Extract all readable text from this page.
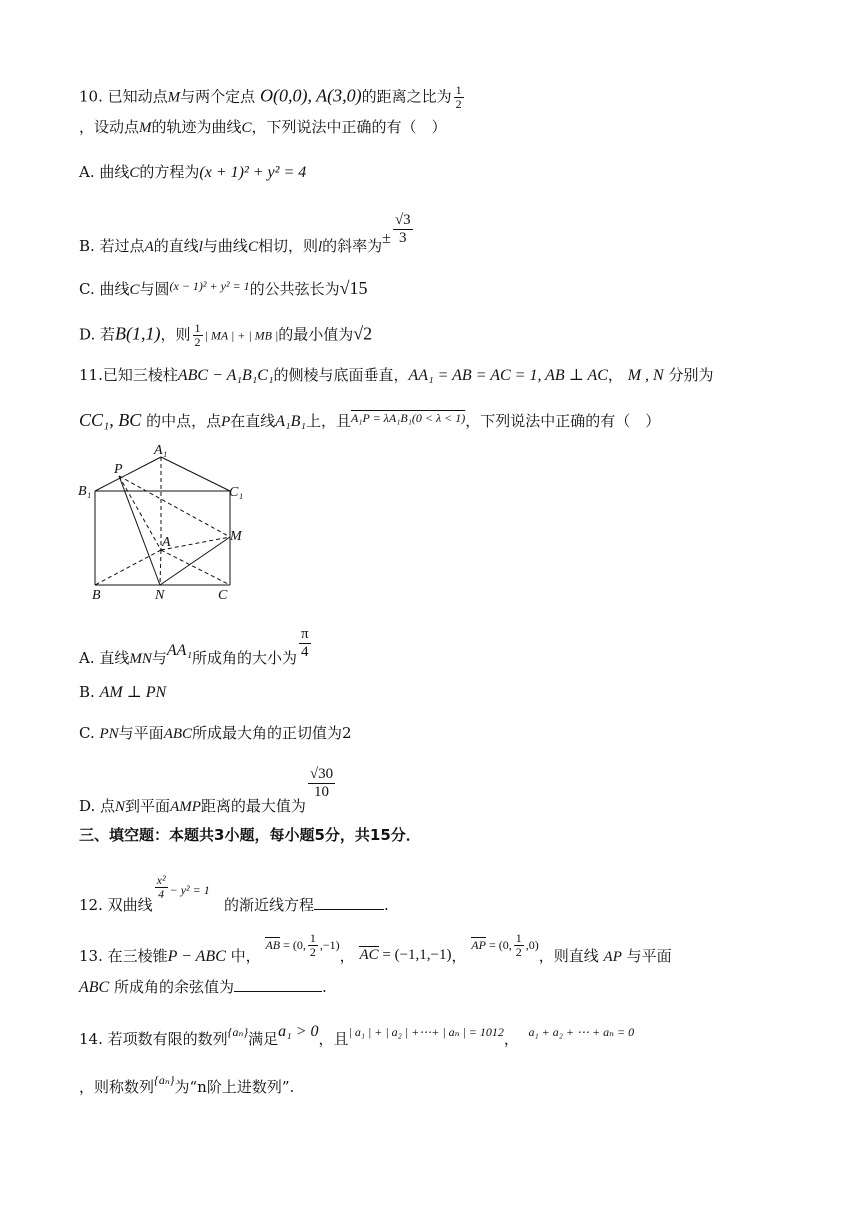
10. 已知动点M与两个定点 O(0,0), A(3,0)的距离之比为 $\frac{1}{2}$
，设动点M的轨迹为曲线C，下列说法中正确的有（　）
A. 曲线C的方程为(x + 1)² + y² = 4
B. 若过点A的直线l与曲线C相切，则l的斜率为± $\frac{√3}{3}$
C. 曲线C与圆$^{(x - 1)^2 + y^2 = 1}$的公共弦长为√15
D. 若B(1,1)，则 $\frac{1}{2}$ | MA | + | MB |的最小值为√2
11.已知三棱柱ABC − A₁B₁C₁的侧棱与底面垂直，AA₁ = AB = AC = 1, AB ⊥ AC， M , N 分别为
CC₁, BC 的中点，点P在直线A₁B₁上，且$^{A_1P = \lambda A_1B_1(0 < \lambda < 1)}$，下列说法中正确的有（　）
A₁
P
B₁	C₁
A	M
B	N	C
A. 直线MN与AA₁所成角的大小为 $\frac{\pi}{4}$
B. AM ⊥ PN
C. PN与平面ABC所成最大角的正切值为2
D. 点N到平面AMP距离的最大值为
$\frac{√30}{10}$
三、填空题：本题共3小题，每小题5分，共15分．
12. 双曲线
$\frac{\text{x²}}{4} - y^2 = 1$   的渐近线方程	.
13. 在三棱锥P − ABC 中， AB = (0, $\frac{1}{2} ,-1$)， AC = (−1,1,−1)， AP = (0, $\frac{1}{2} ,0$)，则直线 AP 与平面
ABC 所成角的余弦值为	.
14. 若项数有限的数列{aₙ}满足a₁ > 0，且| a₁ | + | a₂ | +⋯+ | aₙ | = 1012， a₁ + a₂ + ⋯ + aₙ = 0
，则称数列{aₙ}为“n阶上进数列”.
